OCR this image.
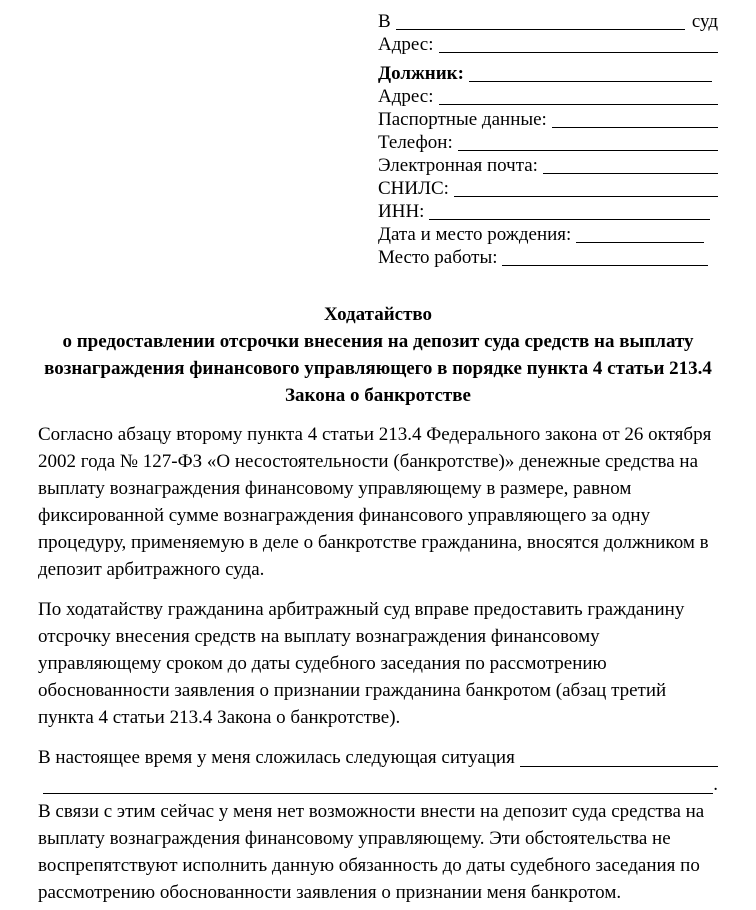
В	суд
Адрес:
Должник:
Адрес:
Паспортные данные:
Телефон:
Электронная почта:
СНИЛС:
ИНН:
Дата и место рождения:
Место работы:
Ходатайство
о предоставлении отсрочки внесения на депозит суда средств на выплату вознаграждения финансового управляющего в порядке пункта 4 статьи 213.4 Закона о банкротстве

Согласно абзацу второму пункта 4 статьи 213.4 Федерального закона от 26 октября 2002 года № 127-ФЗ «О несостоятельности (банкротстве)» денежные средства на выплату вознаграждения финансовому управляющему в размере, равном фиксированной сумме вознаграждения финансового управляющего за одну процедуру, применяемую в деле о банкротстве гражданина, вносятся должником в депозит арбитражного суда.

По ходатайству гражданина арбитражный суд вправе предоставить гражданину отсрочку внесения средств на выплату вознаграждения финансовому управляющему сроком до даты судебного заседания по рассмотрению обоснованности заявления о признании гражданина банкротом (абзац третий пункта 4 статьи 213.4 Закона о банкротстве).

В настоящее время у меня сложилась следующая ситуация
.

В связи с этим сейчас у меня нет возможности внести на депозит суда средства на выплату вознаграждения финансовому управляющему. Эти обстоятельства не воспрепятствуют исполнить данную обязанность до даты судебного заседания по рассмотрению обоснованности заявления о признании меня банкротом.
